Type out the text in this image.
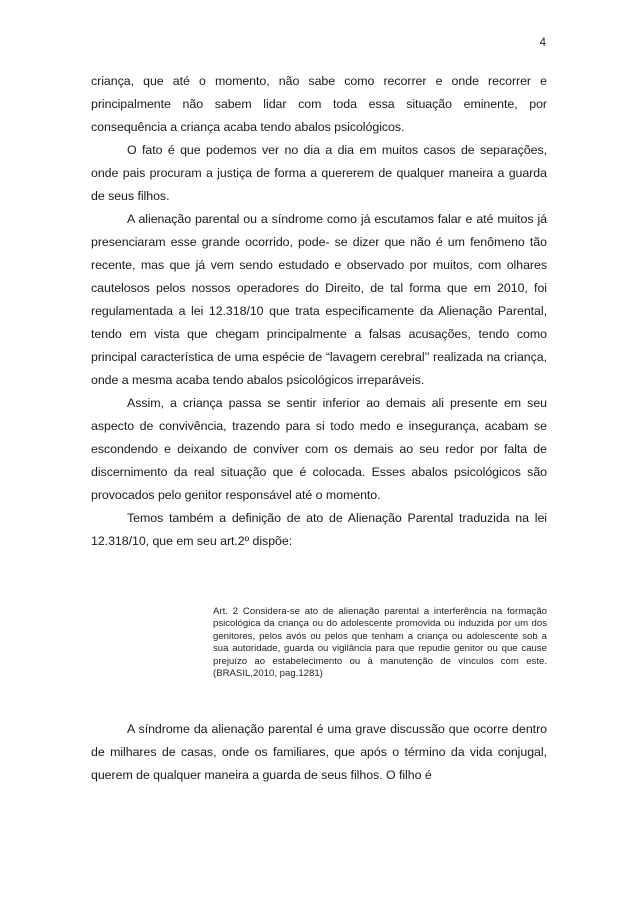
4

criança, que até o momento, não sabe como recorrer e onde recorrer e principalmente não sabem lidar com toda essa situação eminente, por consequência a criança acaba tendo abalos psicológicos.

O fato é que podemos ver no dia a dia em muitos casos de separações, onde pais procuram a justiça de forma a quererem de qualquer maneira a guarda de seus filhos.

A alienação parental ou a síndrome como já escutamos falar e até muitos já presenciaram esse grande ocorrido, pode- se dizer que não é um fenômeno tão recente, mas que já vem sendo estudado e observado por muitos, com olhares cautelosos pelos nossos operadores do Direito, de tal forma que em 2010, foi regulamentada a lei 12.318/10 que trata especificamente da Alienação Parental, tendo em vista que chegam principalmente a falsas acusações, tendo como principal característica de uma espécie de “lavagem cerebral’’ realizada na criança, onde a mesma acaba tendo abalos psicológicos irreparáveis.

Assim, a criança passa se sentir inferior ao demais ali presente em seu aspecto de convivência, trazendo para si todo medo e insegurança, acabam se escondendo e deixando de conviver com os demais ao seu redor por falta de discernimento da real situação que é colocada. Esses abalos psicológicos são provocados pelo genitor responsável até o momento.

Temos também a definição de ato de Alienação Parental traduzida na lei 12.318/10, que em seu art.2º dispõe:

Art. 2 Considera-se ato de alienação parental a interferência na formação psicológica da criança ou do adolescente promovida ou induzida por um dos genitores, pelos avós ou pelos que tenham a criança ou adolescente sob a sua autoridade, guarda ou vigilância para que repudie genitor ou que cause prejuízo ao estabelecimento ou à manutenção de vínculos com este. (BRASIL,2010, pag.1281)

A síndrome da alienação parental é uma grave discussão que ocorre dentro de milhares de casas, onde os familiares, que após o término da vida conjugal, querem de qualquer maneira a guarda de seus filhos. O filho é
